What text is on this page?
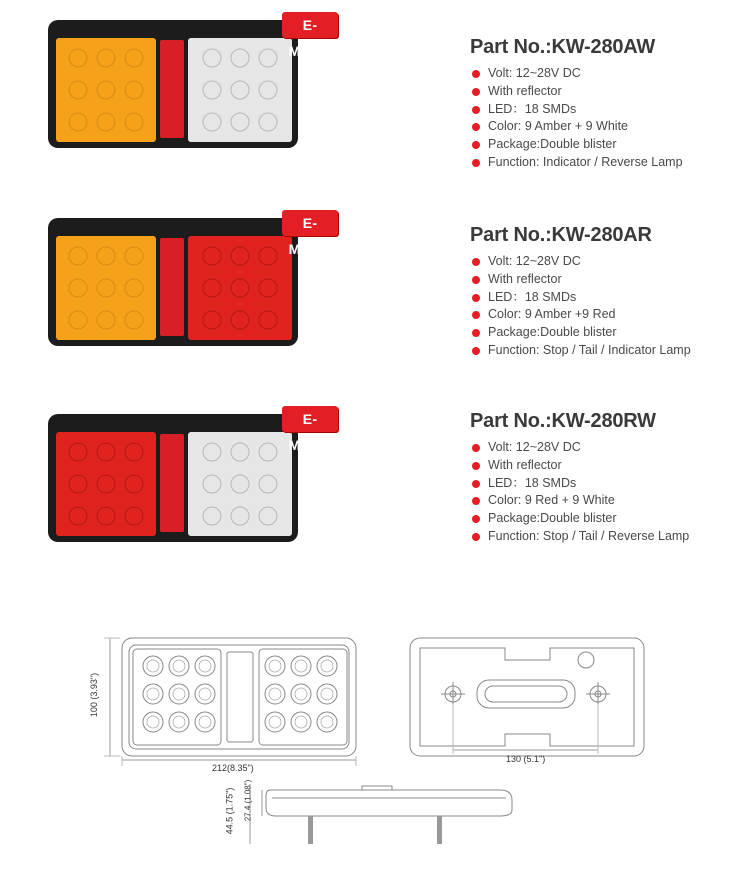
E-MARK	Part No.:KW-280AW
Volt: 12~28V DC
With reflector
LED：18 SMDs
Color: 9 Amber + 9 White
Package:Double blister
Function: Indicator / Reverse Lamp
E-MARK
Part No.:KW-280AR
Volt: 12~28V DC
With reflector
LED：18 SMDs
Color: 9 Amber +9 Red
Package:Double blister
Function: Stop / Tail / Indicator Lamp
E-MARK
Part No.:KW-280RW
Volt: 12~28V DC
With reflector
LED：18 SMDs
Color: 9 Red + 9 White
Package:Double blister
Function: Stop / Tail / Reverse Lamp
100 (3.93")
212(8.35")
130 (5.1")
44.5 (1.75") 27.4 (1.08")
